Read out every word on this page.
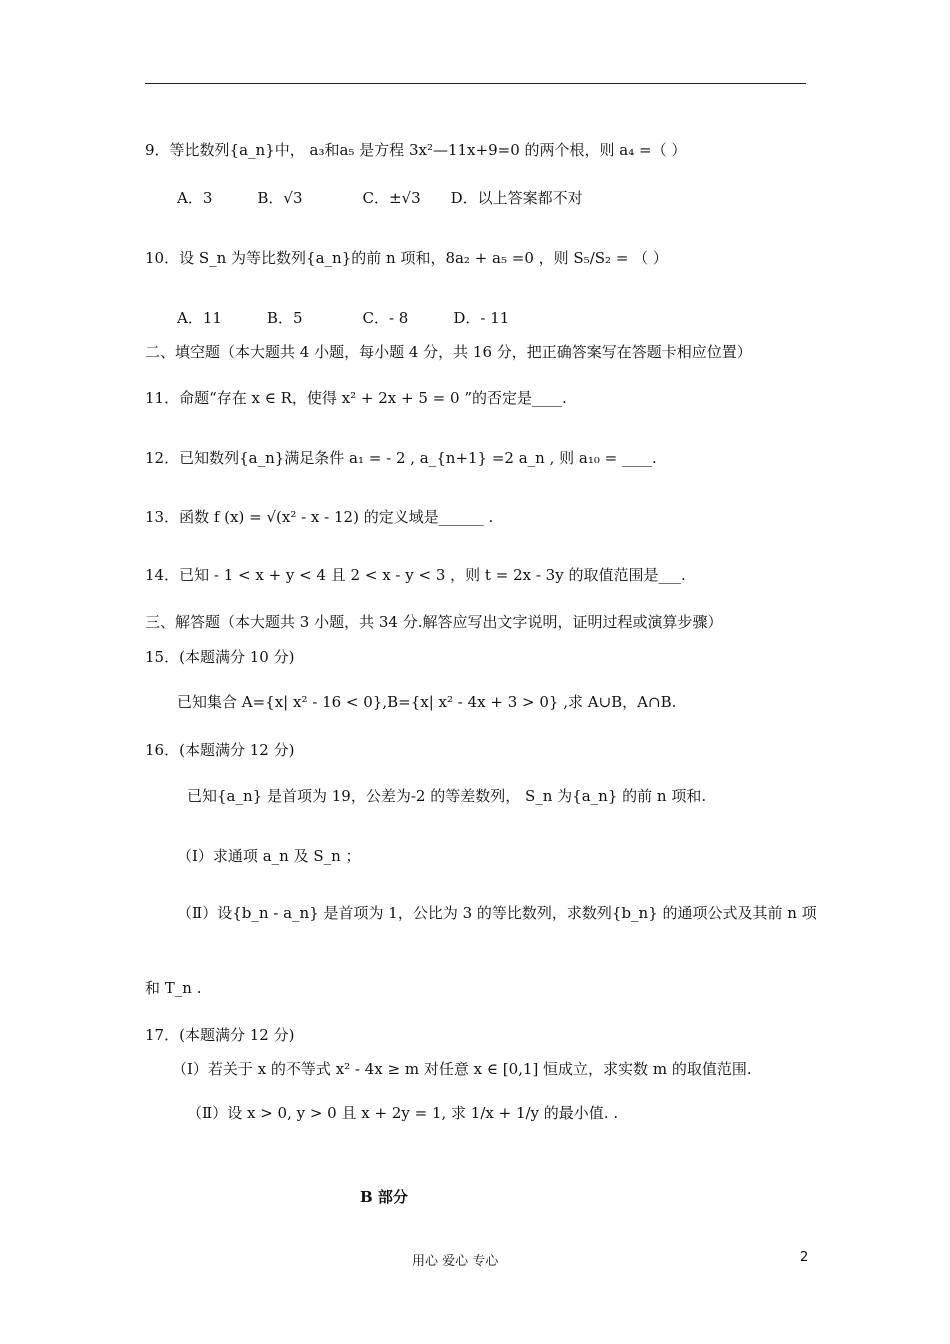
9．等比数列{a_n}中， a₃和a₅ 是方程 3x²—11x+9=0 的两个根，则 a₄ =（ ）
A．3　　　B．√3　　　　C．±√3　　D．以上答案都不对
10．设 S_n 为等比数列{a_n}的前 n 项和，8a₂ + a₅ =0 ，则 S₅/S₂ = （ ）
A．11　　　B．5　　　　C．- 8　　　D．- 11
二、填空题（本大题共 4 小题，每小题 4 分，共 16 分，把正确答案写在答题卡相应位置）
11．命题“存在 x ∈ R，使得 x² + 2x + 5 = 0 ”的否定是____.
12．已知数列{a_n}满足条件 a₁ = - 2 , a_{n+1} =2 a_n , 则 a₁₀ = ____.
13．函数 f (x) = √(x² - x - 12) 的定义域是______ .
14．已知 - 1 < x + y < 4 且 2 < x - y < 3 ，则 t = 2x - 3y 的取值范围是___.
三、解答题（本大题共 3 小题，共 34 分.解答应写出文字说明，证明过程或演算步骤）
15．(本题满分 10 分)
已知集合 A={x| x² - 16 < 0},B={x| x² - 4x + 3 > 0} ,求 A∪B，A∩B.
16．(本题满分 12 分)
已知{a_n} 是首项为 19，公差为-2 的等差数列， S_n 为{a_n} 的前 n 项和.
（Ⅰ）求通项 a_n 及 S_n ；
（Ⅱ）设{b_n - a_n} 是首项为 1，公比为 3 的等比数列，求数列{b_n} 的通项公式及其前 n 项
和 T_n .
17．(本题满分 12 分)
（Ⅰ）若关于 x 的不等式 x² - 4x ≥ m 对任意 x ∈ [0,1] 恒成立，求实数 m 的取值范围.
（Ⅱ）设 x > 0, y > 0 且 x + 2y = 1, 求 1/x + 1/y 的最小值. .
B 部分
用心 爱心 专心	2
